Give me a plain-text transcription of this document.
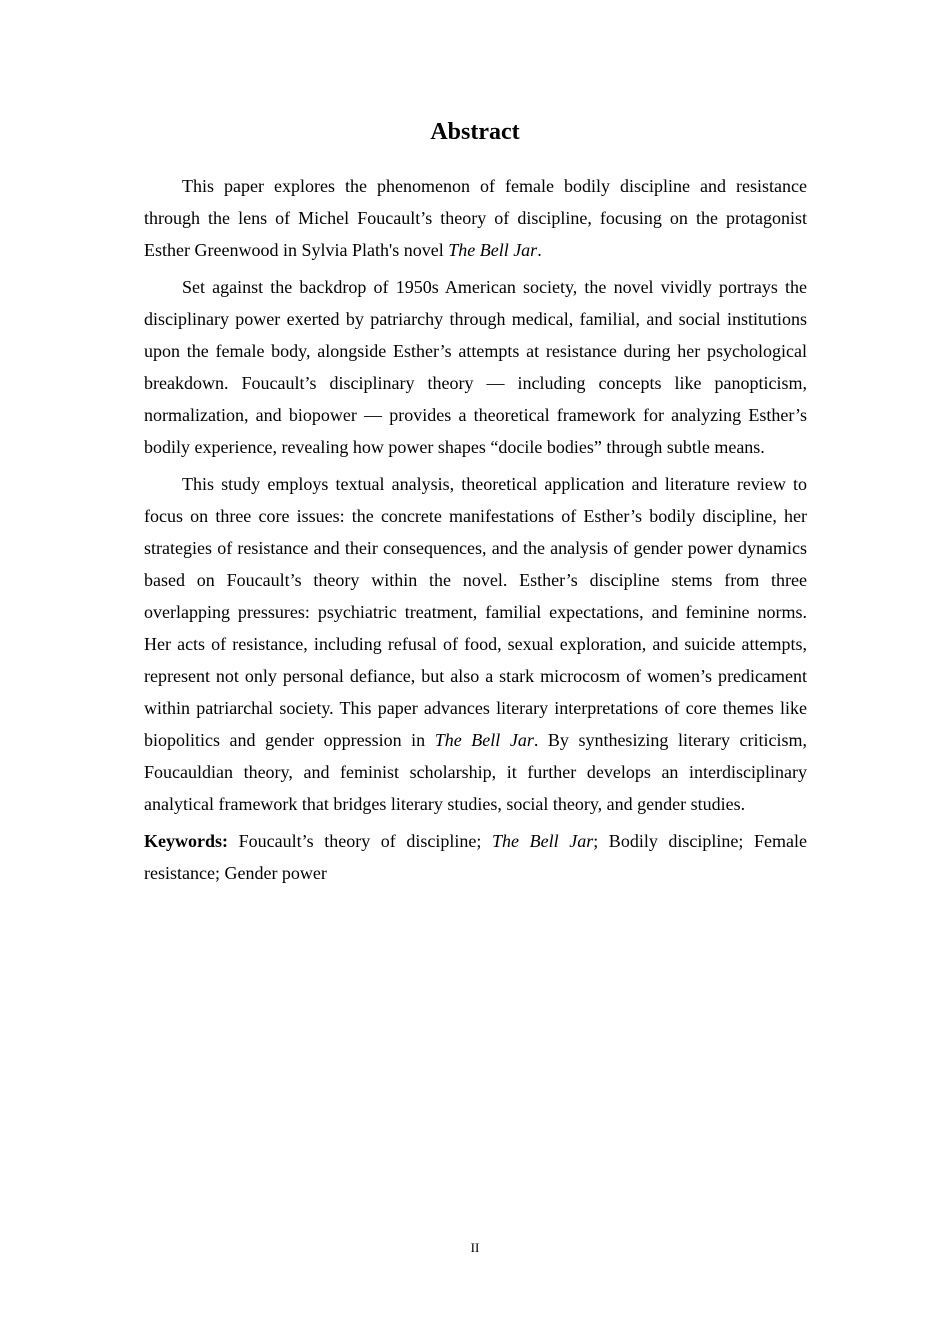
Abstract

This paper explores the phenomenon of female bodily discipline and resistance through the lens of Michel Foucault’s theory of discipline, focusing on the protagonist Esther Greenwood in Sylvia Plath's novel The Bell Jar.

Set against the backdrop of 1950s American society, the novel vividly portrays the disciplinary power exerted by patriarchy through medical, familial, and social institutions upon the female body, alongside Esther’s attempts at resistance during her psychological breakdown. Foucault’s disciplinary theory — including concepts like panopticism, normalization, and biopower — provides a theoretical framework for analyzing Esther’s bodily experience, revealing how power shapes “docile bodies” through subtle means.

This study employs textual analysis, theoretical application and literature review to focus on three core issues: the concrete manifestations of Esther’s bodily discipline, her strategies of resistance and their consequences, and the analysis of gender power dynamics based on Foucault’s theory within the novel. Esther’s discipline stems from three overlapping pressures: psychiatric treatment, familial expectations, and feminine norms. Her acts of resistance, including refusal of food, sexual exploration, and suicide attempts, represent not only personal defiance, but also a stark microcosm of women’s predicament within patriarchal society. This paper advances literary interpretations of core themes like biopolitics and gender oppression in The Bell Jar. By synthesizing literary criticism, Foucauldian theory, and feminist scholarship, it further develops an interdisciplinary analytical framework that bridges literary studies, social theory, and gender studies.

Keywords: Foucault’s theory of discipline; The Bell Jar; Bodily discipline; Female resistance; Gender power

II
